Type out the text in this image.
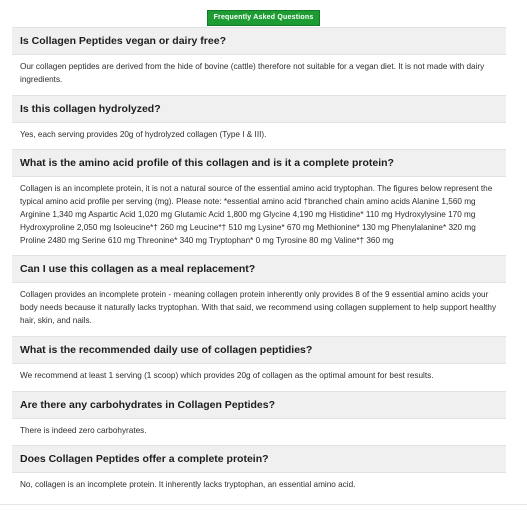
Frequently Asked Questions
Is Collagen Peptides vegan or dairy free?
Our collagen peptides are derived from the hide of bovine (cattle) therefore not suitable for a vegan diet. It is not made with dairy ingredients.
Is this collagen hydrolyzed?
Yes, each serving provides 20g of hydrolyzed collagen (Type I & III).
What is the amino acid profile of this collagen and is it a complete protein?
Collagen is an incomplete protein, it is not a natural source of the essential amino acid tryptophan. The figures below represent the typical amino acid profile per serving (mg). Please note: *essential amino acid †branched chain amino acids Alanine 1,560 mg Arginine 1,340 mg Aspartic Acid 1,020 mg Glutamic Acid 1,800 mg Glycine 4,190 mg Histidine* 110 mg Hydroxylysine 170 mg Hydroxyproline 2,050 mg Isoleucine*† 260 mg Leucine*† 510 mg Lysine* 670 mg Methionine* 130 mg Phenylalanine* 320 mg Proline 2480 mg Serine 610 mg Threonine* 340 mg Tryptophan* 0 mg Tyrosine 80 mg Valine*† 360 mg
Can I use this collagen as a meal replacement?
Collagen provides an incomplete protein - meaning collagen protein inherently only provides 8 of the 9 essential amino acids your body needs because it naturally lacks tryptophan. With that said, we recommend using collagen supplement to help support healthy hair, skin, and nails.
What is the recommended daily use of collagen peptidies?
We recommend at least 1 serving (1 scoop) which provides 20g of collagen as the optimal amount for best results.
Are there any carbohydrates in Collagen Peptides?
There is indeed zero carbohyrates.
Does Collagen Peptides offer a complete protein?
No, collagen is an incomplete protein. It inherently lacks tryptophan, an essential amino acid.
